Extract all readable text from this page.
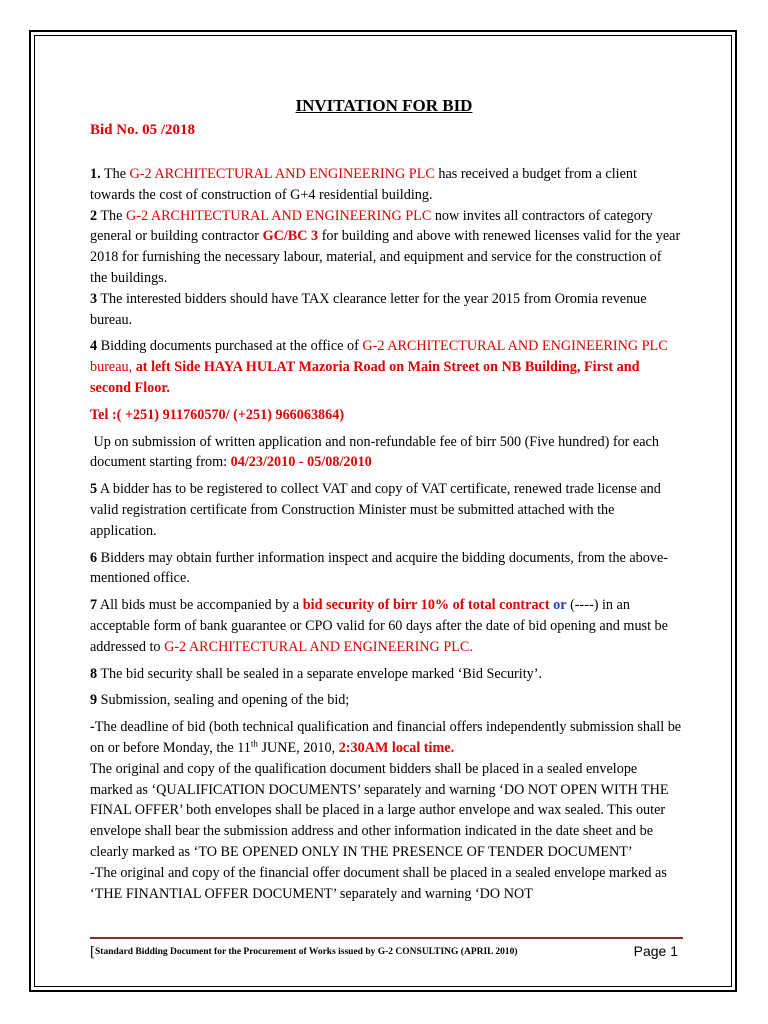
INVITATION FOR BID

Bid No. 05 /2018

1. The G-2 ARCHITECTURAL AND ENGINEERING PLC has received a budget from a client towards the cost of construction of G+4 residential building.

2 The G-2 ARCHITECTURAL AND ENGINEERING PLC now invites all contractors of category general or building contractor GC/BC 3 for building and above with renewed licenses valid for the year 2018 for furnishing the necessary labour, material, and equipment and service for the construction of the buildings.

3 The interested bidders should have TAX clearance letter for the year 2015 from Oromia revenue bureau.

4 Bidding documents purchased at the office of G-2 ARCHITECTURAL AND ENGINEERING PLC bureau, at left Side HAYA HULAT Mazoria Road on Main Street on NB Building, First and second Floor.

Tel :( +251) 911760570/ (+251) 966063864)

Up on submission of written application and non-refundable fee of birr 500 (Five hundred) for each document starting from: 04/23/2010 - 05/08/2010

5 A bidder has to be registered to collect VAT and copy of VAT certificate, renewed trade license and valid registration certificate from Construction Minister must be submitted attached with the application.

6 Bidders may obtain further information inspect and acquire the bidding documents, from the above- mentioned office.

7 All bids must be accompanied by a bid security of birr 10% of total contract or (----) in an acceptable form of bank guarantee or CPO valid for 60 days after the date of bid opening and must be addressed to G-2 ARCHITECTURAL AND ENGINEERING PLC.

8 The bid security shall be sealed in a separate envelope marked ‘Bid Security’.

9 Submission, sealing and opening of the bid;

-The deadline of bid (both technical qualification and financial offers independently submission shall be on or before Monday, the 11th JUNE, 2010, 2:30AM local time.

The original and copy of the qualification document bidders shall be placed in a sealed envelope marked as ‘QUALIFICATION DOCUMENTS’ separately and warning ‘DO NOT OPEN WITH THE FINAL OFFER’ both envelopes shall be placed in a large author envelope and wax sealed. This outer envelope shall bear the submission address and other information indicated in the date sheet and be clearly marked as ‘TO BE OPENED ONLY IN THE PRESENCE OF TENDER DOCUMENT’

-The original and copy of the financial offer document shall be placed in a sealed envelope marked as ‘THE FINANTIAL OFFER DOCUMENT’ separately and warning ‘DO NOT

[Standard Bidding Document for the Procurement of Works issued by G-2 CONSULTING (APRIL 2010)	Page 1
